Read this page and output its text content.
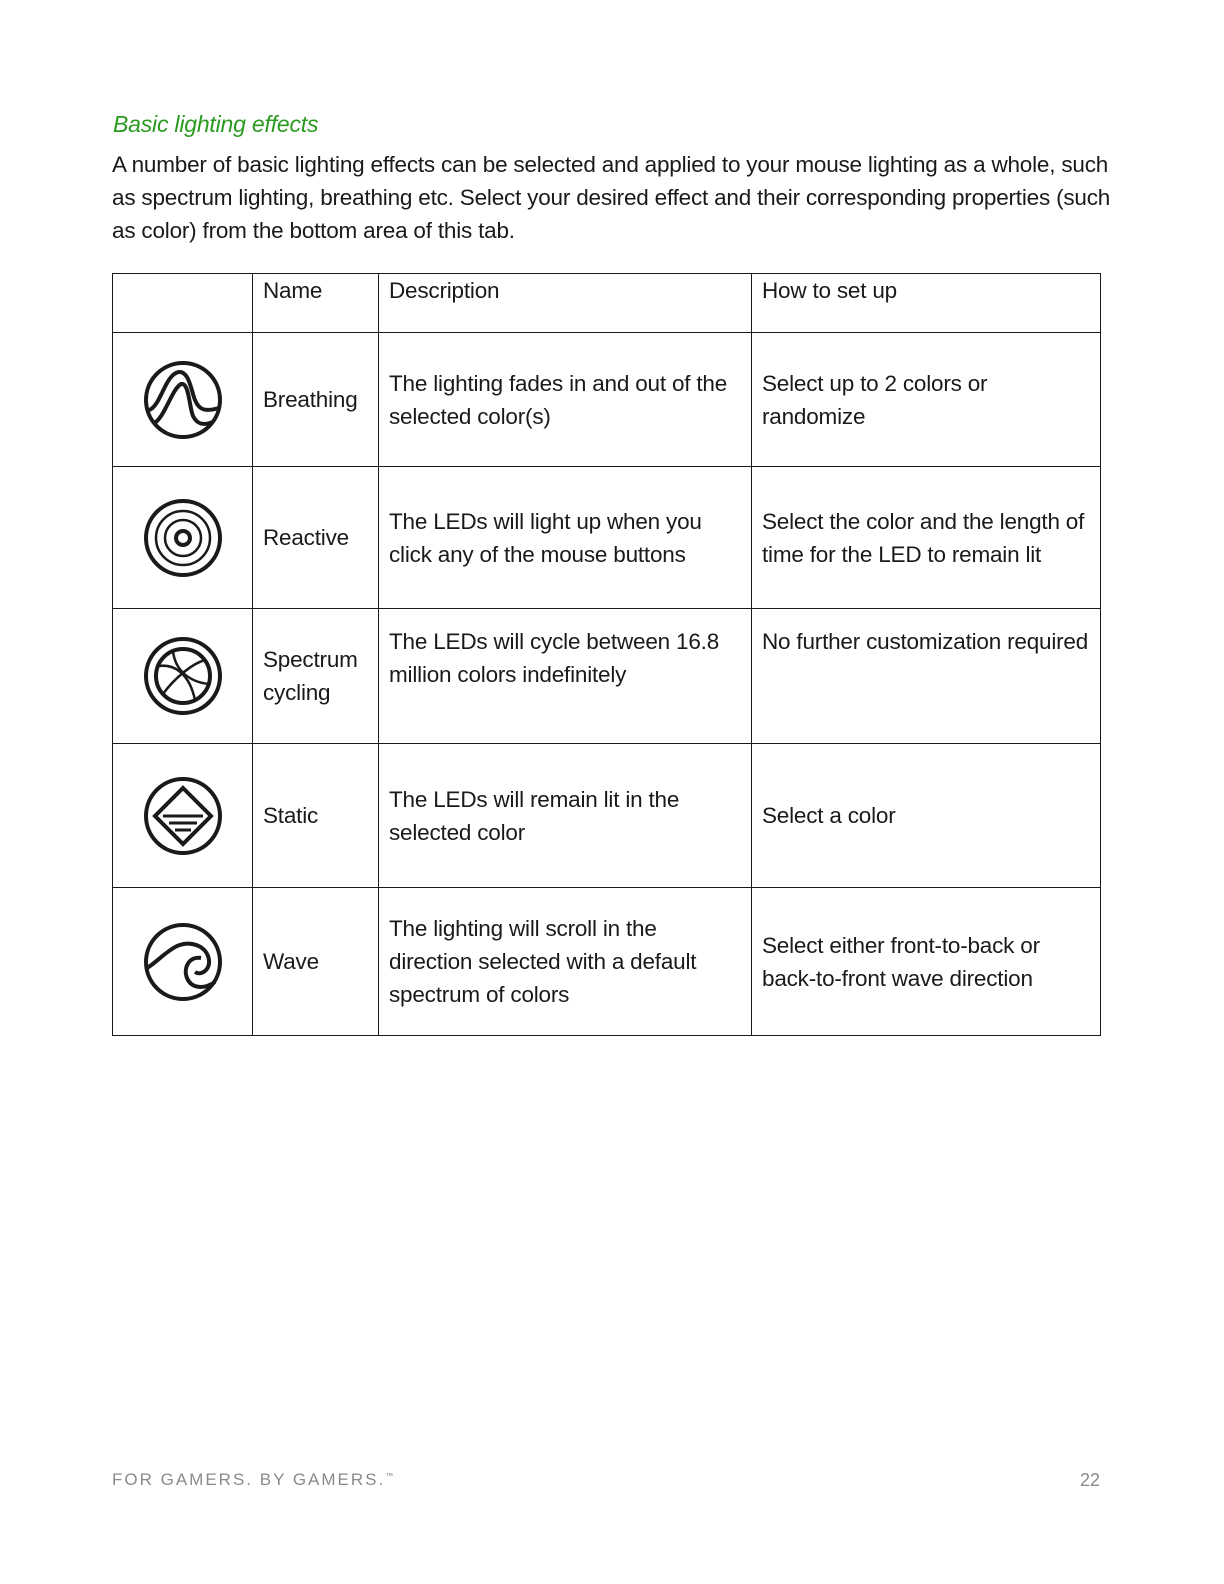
Basic lighting effects
A number of basic lighting effects can be selected and applied to your mouse lighting as a whole, such as spectrum lighting, breathing etc. Select your desired effect and their corresponding properties (such as color) from the bottom area of this tab.
	Name	Description	How to set up

	Breathing	The lighting fades in and out of the selected color(s)	Select up to 2 colors or randomize

	Reactive	The LEDs will light up when you click any of the mouse buttons	Select the color and the length of time for the LED to remain lit

	Spectrum cycling	The LEDs will cycle between 16.8 million colors indefinitely	No further customization required

	Static	The LEDs will remain lit in the selected color	Select a color

	Wave	The lighting will scroll in the direction selected with a default spectrum of colors	Select either front-to-back or back-to-front wave direction
FOR GAMERS. BY GAMERS.™	22
